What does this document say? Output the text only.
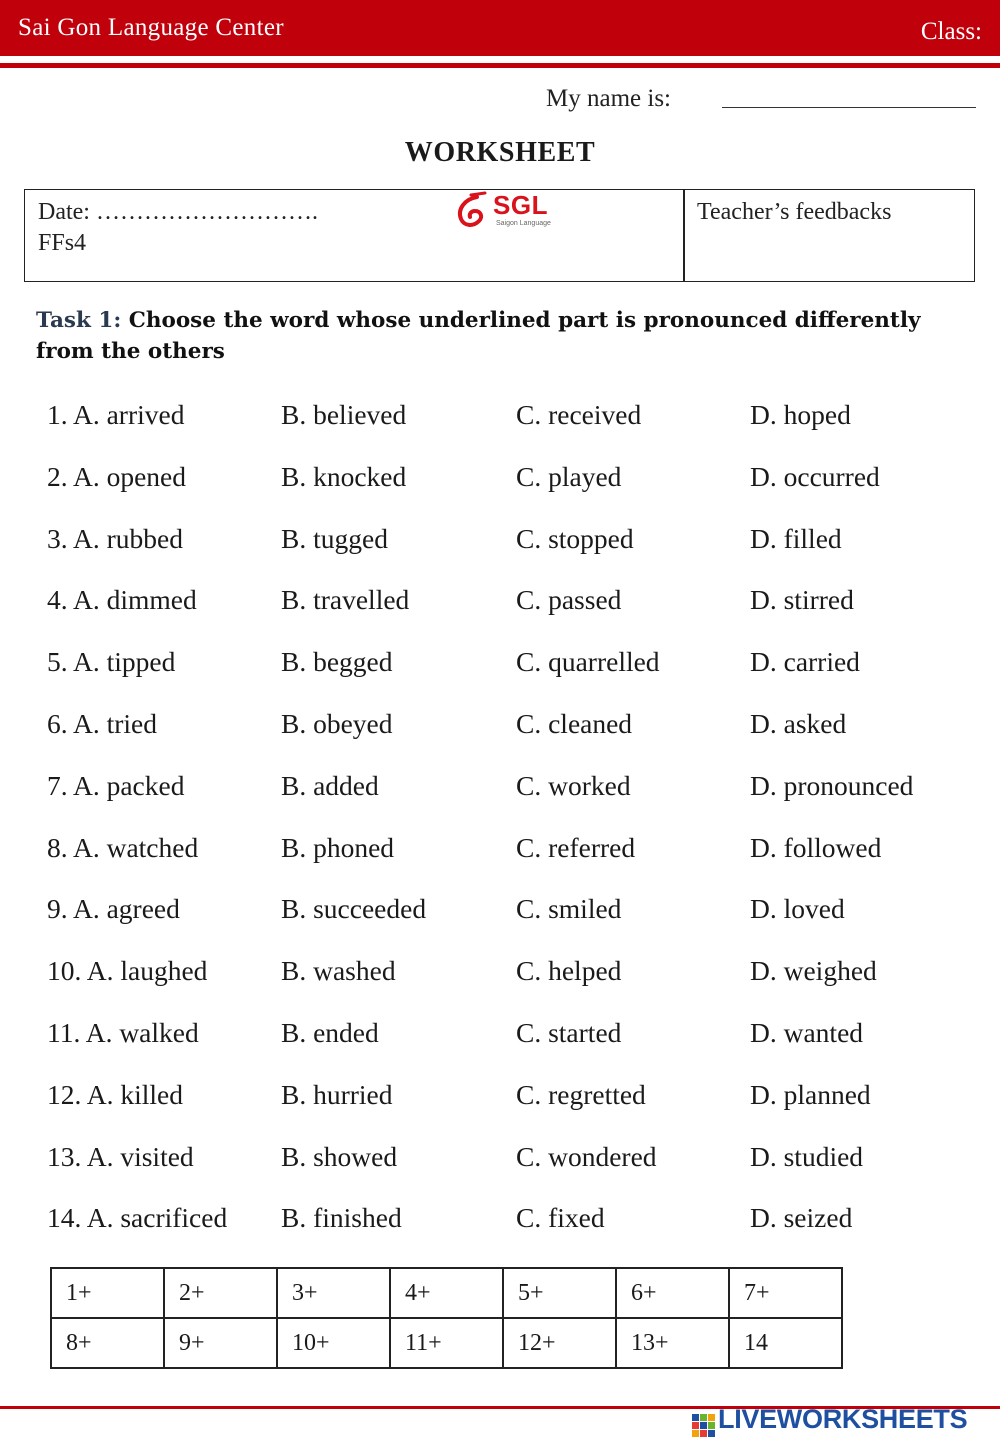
Sai Gon Language Center	Class:
My name is:
WORKSHEET
Date: ……………………….
FFs4
SGL
Saigon Language	Teacher’s feedbacks
Task 1: Choose the word whose underlined part is pronounced differently from the others
1. A. arrived	B. believed	C. received	D. hoped
2. A. opened	B. knocked	C. played	D. occurred
3. A. rubbed	B. tugged	C. stopped	D. filled
4. A. dimmed	B. travelled	C. passed	D. stirred
5. A. tipped	B. begged	C. quarrelled	D. carried
6. A. tried	B. obeyed	C. cleaned	D. asked
7. A. packed	B. added	C. worked	D. pronounced
8. A. watched	B. phoned	C. referred	D. followed
9. A. agreed	B. succeeded	C. smiled	D. loved
10. A. laughed	B. washed	C. helped	D. weighed
11. A. walked	B. ended	C. started	D. wanted
12. A. killed	B. hurried	C. regretted	D. planned
13. A. visited	B. showed	C. wondered	D. studied
14. A. sacrificed B. finished	C. fixed	D. seized
1+	2+	3+	4+	5+	6+	7+
8+	9+	10+	11+	12+	13+	14
LIVEWORKSHEETS
